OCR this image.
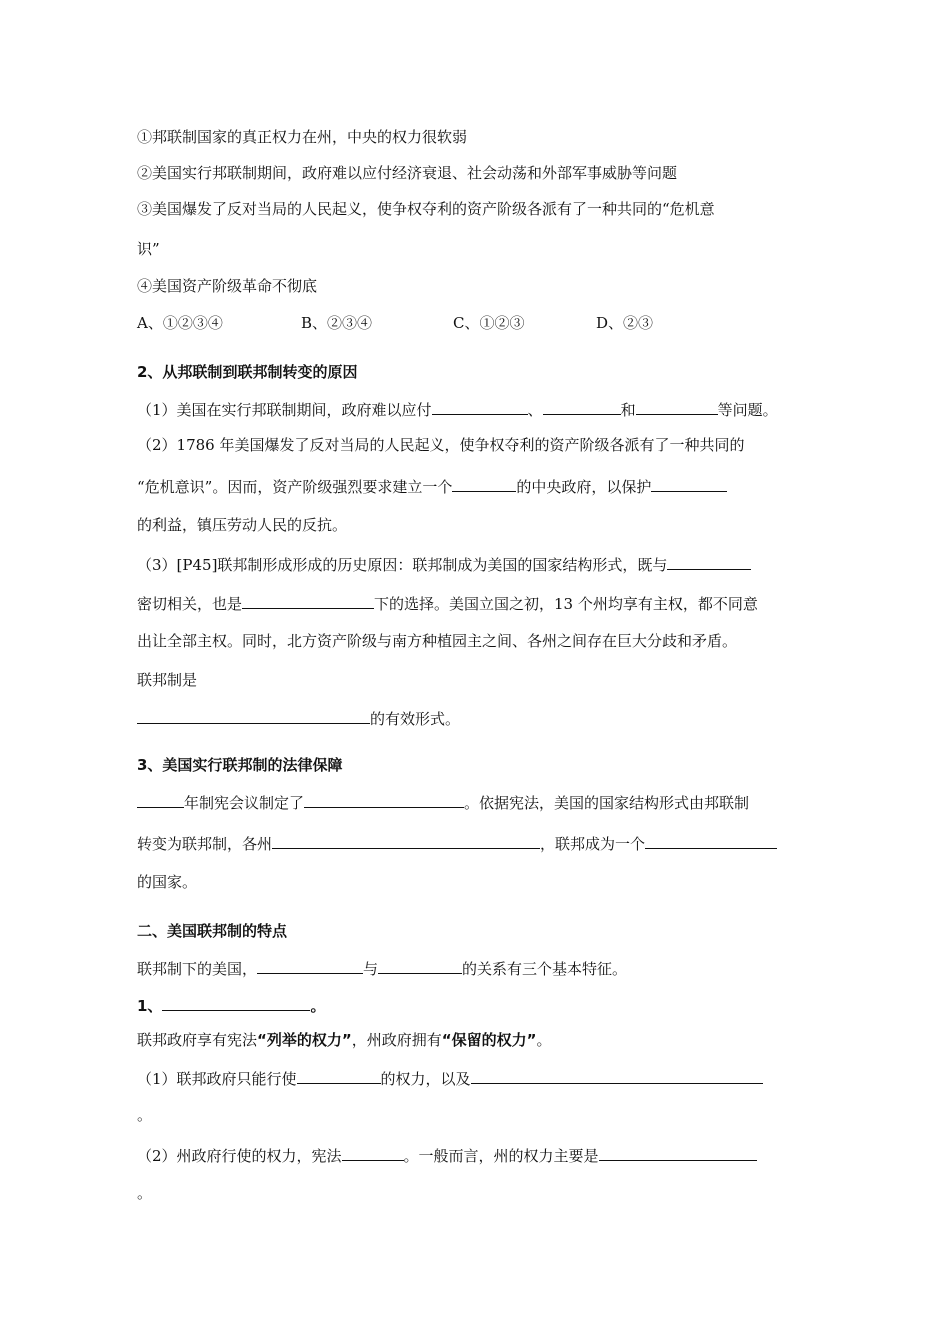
①邦联制国家的真正权力在州，中央的权力很软弱
②美国实行邦联制期间，政府难以应付经济衰退、社会动荡和外部军事威胁等问题
③美国爆发了反对当局的人民起义，使争权夺利的资产阶级各派有了一种共同的“危机意
识”
④美国资产阶级革命不彻底
A、①②③④	B、②③④	C、①②③	D、②③
2、从邦联制到联邦制转变的原因
（1）美国在实行邦联制期间，政府难以应付	、	和	等问题。
（2）1786 年美国爆发了反对当局的人民起义，使争权夺利的资产阶级各派有了一种共同的
“危机意识”。因而，资产阶级强烈要求建立一个	的中央政府，以保护
的利益，镇压劳动人民的反抗。
（3）[P45]联邦制形成形成的历史原因：联邦制成为美国的国家结构形式，既与
密切相关，也是	下的选择。美国立国之初，13 个州均享有主权，都不同意
出让全部主权。同时，北方资产阶级与南方种植园主之间、各州之间存在巨大分歧和矛盾。
联邦制是
的有效形式。
3、美国实行联邦制的法律保障
年制宪会议制定了	。依据宪法，美国的国家结构形式由邦联制
转变为联邦制，各州	，联邦成为一个
的国家。
二、美国联邦制的特点
联邦制下的美国，	与	的关系有三个基本特征。
1、	。
联邦政府享有宪法“列举的权力”，州政府拥有“保留的权力”。
（1）联邦政府只能行使	的权力，以及
。
（2）州政府行使的权力，宪法	。一般而言，州的权力主要是
。
